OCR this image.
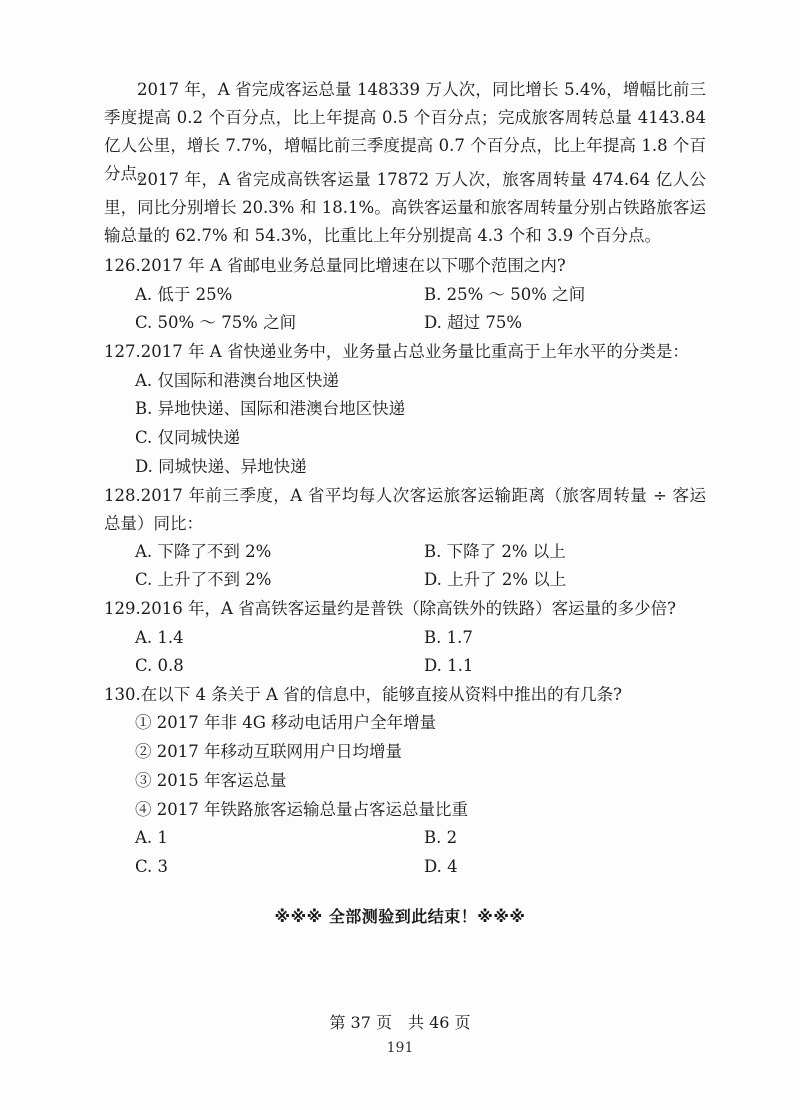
2017 年，A 省完成客运总量 148339 万人次，同比增长 5.4%，增幅比前三季度提高 0.2 个百分点，比上年提高 0.5 个百分点；完成旅客周转总量 4143.84 亿人公里，增长 7.7%，增幅比前三季度提高 0.7 个百分点，比上年提高 1.8 个百分点。

2017 年，A 省完成高铁客运量 17872 万人次，旅客周转量 474.64 亿人公里，同比分别增长 20.3% 和 18.1%。高铁客运量和旅客周转量分别占铁路旅客运输总量的 62.7% 和 54.3%，比重比上年分别提高 4.3 个和 3.9 个百分点。

126.2017 年 A 省邮电业务总量同比增速在以下哪个范围之内?

A. 低于 25%	B. 25% ～ 50% 之间
C. 50% ～ 75% 之间	D. 超过 75%

127.2017 年 A 省快递业务中，业务量占总业务量比重高于上年水平的分类是：

A. 仅国际和港澳台地区快递
B. 异地快递、国际和港澳台地区快递
C. 仅同城快递
D. 同城快递、异地快递

128.2017 年前三季度，A 省平均每人次客运旅客运输距离（旅客周转量 ÷ 客运总量）同比：

A. 下降了不到 2%	B. 下降了 2% 以上
C. 上升了不到 2%	D. 上升了 2% 以上

129.2016 年，A 省高铁客运量约是普铁（除高铁外的铁路）客运量的多少倍?

A. 1.4	B. 1.7
C. 0.8	D. 1.1

130.在以下 4 条关于 A 省的信息中，能够直接从资料中推出的有几条?

① 2017 年非 4G 移动电话用户全年增量
② 2017 年移动互联网用户日均增量
③ 2015 年客运总量
④ 2017 年铁路旅客运输总量占客运总量比重
A. 1	B. 2
C. 3	D. 4
※※※ 全部测验到此结束！※※※
第 37 页　共 46 页
191
